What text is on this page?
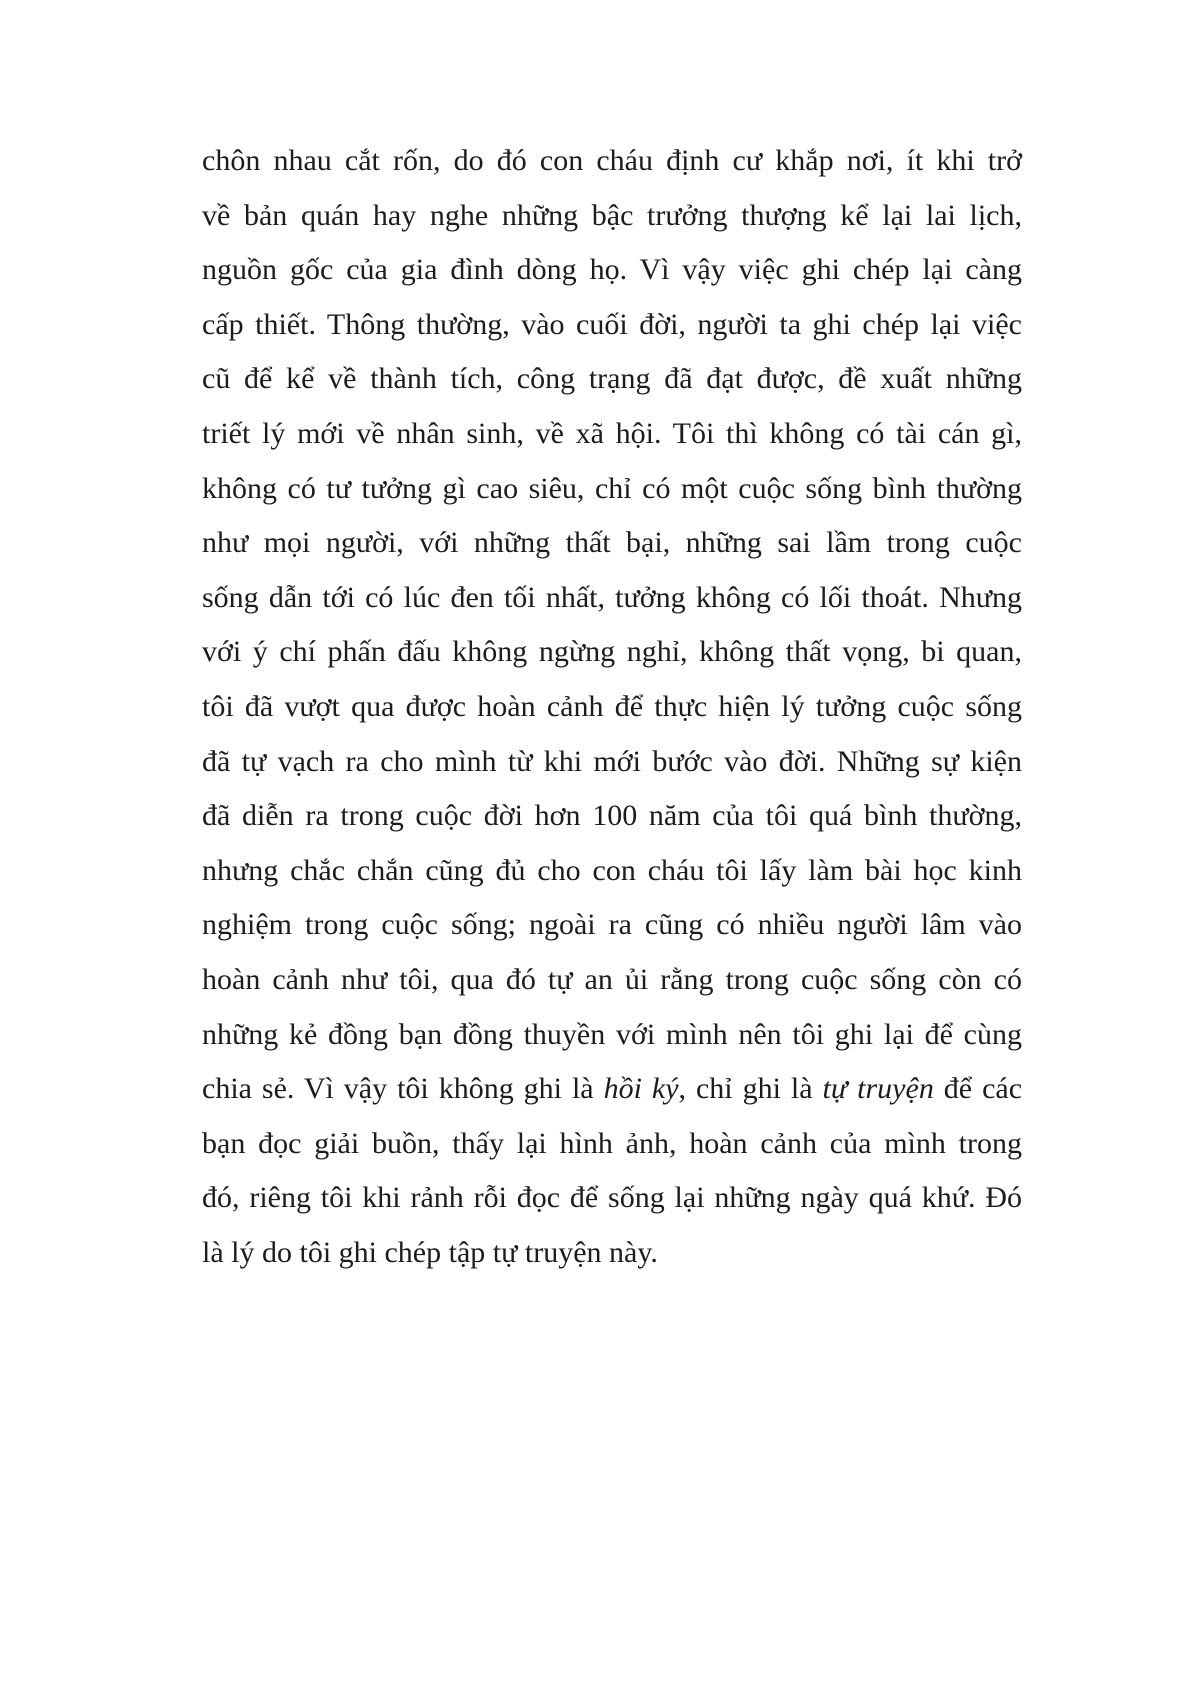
chôn nhau cắt rốn, do đó con cháu định cư khắp nơi, ít khi trở
về bản quán hay nghe những bậc trưởng thượng kể lại lai lịch,
nguồn gốc của gia đình dòng họ. Vì vậy việc ghi chép lại càng
cấp thiết. Thông thường, vào cuối đời, người ta ghi chép lại việc
cũ để kể về thành tích, công trạng đã đạt được, đề xuất những
triết lý mới về nhân sinh, về xã hội. Tôi thì không có tài cán gì,
không có tư tưởng gì cao siêu, chỉ có một cuộc sống bình thường
như mọi người, với những thất bại, những sai lầm trong cuộc
sống dẫn tới có lúc đen tối nhất, tưởng không có lối thoát. Nhưng
với ý chí phấn đấu không ngừng nghỉ, không thất vọng, bi quan,
tôi đã vượt qua được hoàn cảnh để thực hiện lý tưởng cuộc sống
đã tự vạch ra cho mình từ khi mới bước vào đời. Những sự kiện
đã diễn ra trong cuộc đời hơn 100 năm của tôi quá bình thường,
nhưng chắc chắn cũng đủ cho con cháu tôi lấy làm bài học kinh
nghiệm trong cuộc sống; ngoài ra cũng có nhiều người lâm vào
hoàn cảnh như tôi, qua đó tự an ủi rằng trong cuộc sống còn có
những kẻ đồng bạn đồng thuyền với mình nên tôi ghi lại để cùng
chia sẻ. Vì vậy tôi không ghi là hồi ký, chỉ ghi là tự truyện để các
bạn đọc giải buồn, thấy lại hình ảnh, hoàn cảnh của mình trong
đó, riêng tôi khi rảnh rỗi đọc để sống lại những ngày quá khứ. Đó
là lý do tôi ghi chép tập tự truyện này.
